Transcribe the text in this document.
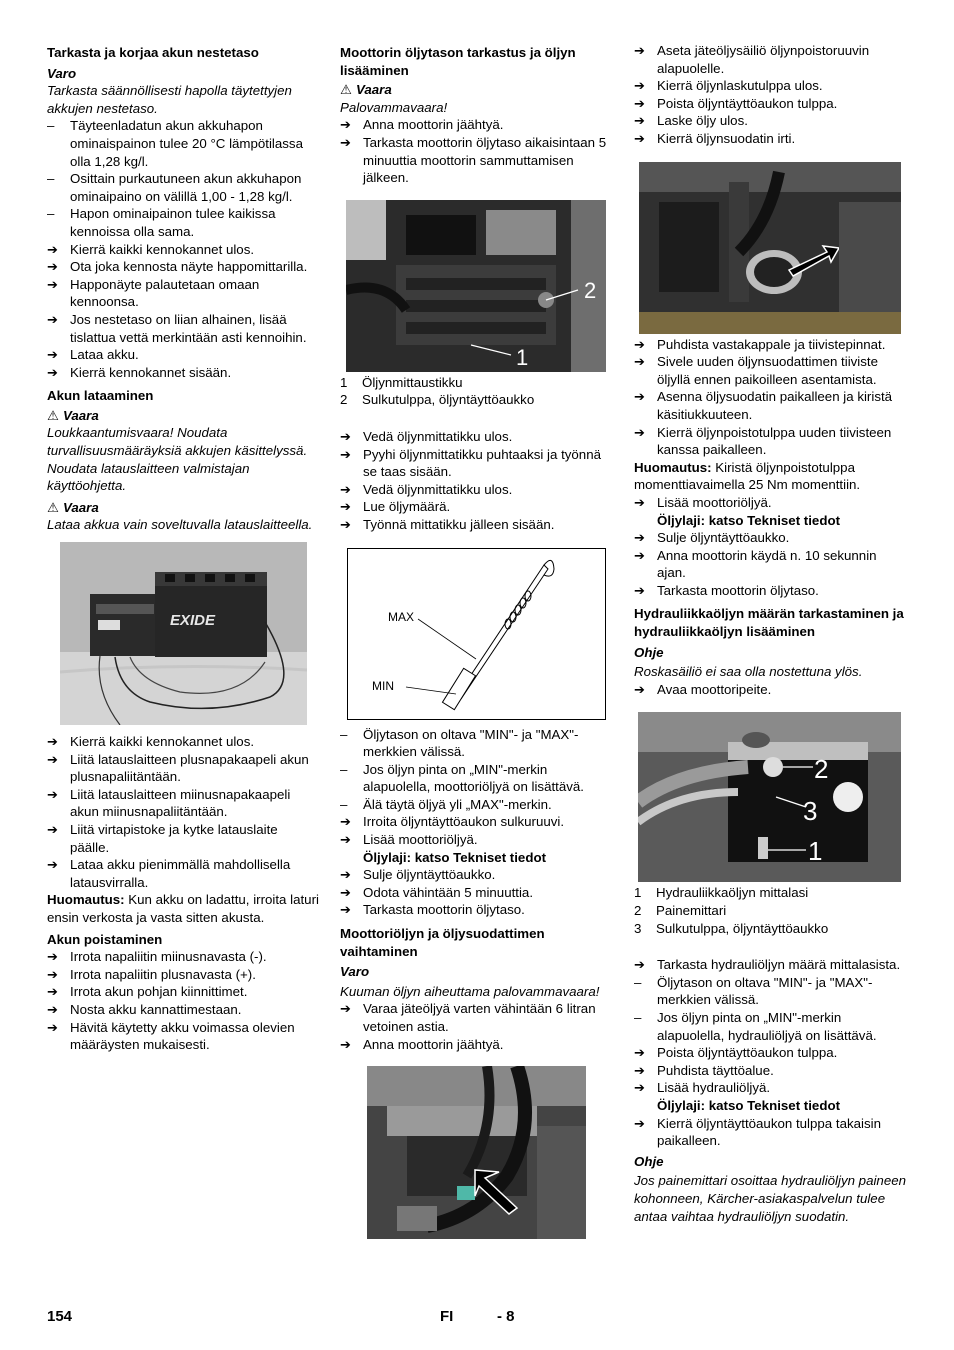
Tarkasta ja korjaa akun nestetaso

Varo

Tarkasta säännöllisesti hapolla täytettyjen akkujen nestetaso.

–	Täyteenladatun akun akkuhapon ominaispainon tulee 20 °C lämpötilassa olla 1,28 kg/l.
–	Osittain purkautuneen akun akkuhapon ominaipaino on välillä 1,00 - 1,28 kg/l.
–	Hapon ominaipainon tulee kaikissa kennoissa olla sama.
➔ Kierrä kaikki kennokannet ulos.
➔ Ota joka kennosta näyte happomittarilla.
➔ Happonäyte palautetaan omaan kennoonsa.
➔ Jos nestetaso on liian alhainen, lisää tislattua vettä merkintään asti kennoihin.
➔ Lataa akku.
➔ Kierrä kennokannet sisään.

Akun lataaminen

⚠ Vaara

Loukkaantumisvaara! Noudata turvallisuusmääräyksiä akkujen käsittelyssä. Noudata latauslaitteen valmistajan käyttöohjetta.

⚠ Vaara

Lataa akkua vain soveltuvalla latauslaitteella.

EXIDE
➔ Kierrä kaikki kennokannet ulos.
➔ Liitä latauslaitteen plusnapakaapeli akun plusnapaliitäntään.
➔ Liitä latauslaitteen miinusnapakaapeli akun miinusnapaliitäntään.
➔ Liitä virtapistoke ja kytke latauslaite päälle.
➔ Lataa akku pienimmällä mahdollisella latausvirralla.

Huomautus: Kun akku on ladattu, irroita laturi ensin verkosta ja vasta sitten akusta.

Akun poistaminen

➔ Irrota napaliitin miinusnavasta (-).
➔ Irrota napaliitin plusnavasta (+).
➔ Irrota akun pohjan kiinnittimet.
➔ Nosta akku kannattimestaan.
➔ Hävitä käytetty akku voimassa olevien määräysten mukaisesti.

Moottorin öljytason tarkastus ja öljyn lisääminen

⚠ Vaara

Palovammavaara!

➔ Anna moottorin jäähtyä.
➔ Tarkasta moottorin öljytaso aikaisintaan 5 minuuttia moottorin sammuttamisen jälkeen.
2
1
1	Öljynmittaustikku
2	Sulkutulppa, öljyntäyttöaukko
➔ Vedä öljynmittatikku ulos.
➔ Pyyhi öljynmittatikku puhtaaksi ja työnnä se taas sisään.
➔ Vedä öljynmittatikku ulos.
➔ Lue öljymäärä.
➔ Työnnä mittatikku jälleen sisään.
MAX
MIN
–	Öljytason on oltava "MIN"- ja "MAX"-merkkien välissä.
–	Jos öljyn pinta on „MIN"-merkin alapuolella, moottoriöljyä on lisättävä.
–	Älä täytä öljyä yli „MAX"-merkin.
➔ Irroita öljyntäyttöaukon sulkuruuvi.
➔ Lisää moottoriöljyä.

Öljylaji: katso Tekniset tiedot

➔ Sulje öljyntäyttöaukko.
➔ Odota vähintään 5 minuuttia.
➔ Tarkasta moottorin öljytaso.

Moottoriöljyn ja öljysuodattimen vaihtaminen

Varo

Kuuman öljyn aiheuttama palovammavaara!

➔ Varaa jäteöljyä varten vähintään 6 litran vetoinen astia.
➔ Anna moottorin jäähtyä.
➔ Aseta jäteöljysäiliö öljynpoistoruuvin alapuolelle.
➔ Kierrä öljynlaskutulppa ulos.
➔ Poista öljyntäyttöaukon tulppa.
➔ Laske öljy ulos.
➔ Kierrä öljynsuodatin irti.
➔ Puhdista vastakappale ja tiivistepinnat.
➔ Sivele uuden öljynsuodattimen tiiviste öljyllä ennen paikoilleen asentamista.
➔ Asenna öljysuodatin paikalleen ja kiristä käsitiukkuuteen.
➔ Kierrä öljynpoistotulppa uuden tiivisteen kanssa paikalleen.

Huomautus: Kiristä öljynpoistotulppa momenttiavaimella 25 Nm momenttiin.

➔ Lisää moottoriöljyä.

Öljylaji: katso Tekniset tiedot

➔ Sulje öljyntäyttöaukko.
➔ Anna moottorin käydä n. 10 sekunnin ajan.
➔ Tarkasta moottorin öljytaso.

Hydrauliikkaöljyn määrän tarkastaminen ja hydrauliikkaöljyn lisääminen

Ohje

Roskasäiliö ei saa olla nostettuna ylös.

➔ Avaa moottoripeite.
2
3
1
1	Hydrauliikkaöljyn mittalasi
2	Painemittari
3	Sulkutulppa, öljyntäyttöaukko
➔ Tarkasta hydrauliöljyn määrä mittalasista.
–	Öljytason on oltava "MIN"- ja "MAX"-merkkien välissä.
–	Jos öljyn pinta on „MIN"-merkin alapuolella, hydrauliöljyä on lisättävä.
➔ Poista öljyntäyttöaukon tulppa.
➔ Puhdista täyttöalue.
➔ Lisää hydrauliöljyä.

Öljylaji: katso Tekniset tiedot

➔ Kierrä öljyntäyttöaukon tulppa takaisin paikalleen.

Ohje

Jos painemittari osoittaa hydrauliöljyn paineen kohonneen, Kärcher-asiakaspalvelun tulee antaa vaihtaa hydrauliöljyn suodatin.

154	FI	- 8
